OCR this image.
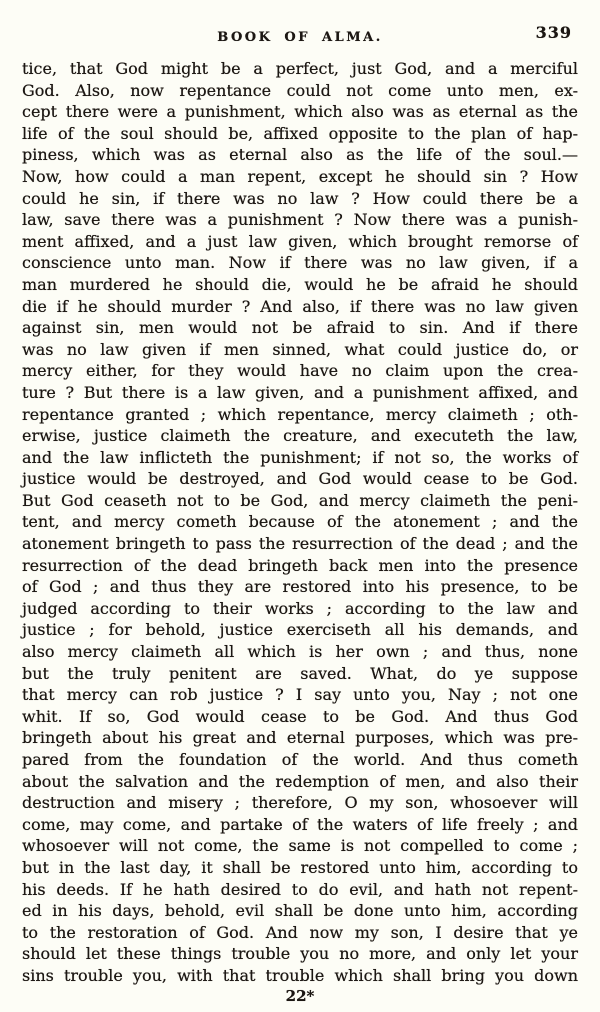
BOOK OF ALMA.	339
tice, that God might be a perfect, just God, and a merciful
God. Also, now repentance could not come unto men, ex-
cept there were a punishment, which also was as eternal as the
life of the soul should be, affixed opposite to the plan of hap-
piness, which was as eternal also as the life of the soul.—
Now, how could a man repent, except he should sin ? How
could he sin, if there was no law ? How could there be a
law, save there was a punishment ? Now there was a punish-
ment affixed, and a just law given, which brought remorse of
conscience unto man. Now if there was no law given, if a
man murdered he should die, would he be afraid he should
die if he should murder ? And also, if there was no law given
against sin, men would not be afraid to sin. And if there
was no law given if men sinned, what could justice do, or
mercy either, for they would have no claim upon the crea-
ture ? But there is a law given, and a punishment affixed, and
repentance granted ; which repentance, mercy claimeth ; oth-
erwise, justice claimeth the creature, and executeth the law,
and the law inflicteth the punishment; if not so, the works of
justice would be destroyed, and God would cease to be God.
But God ceaseth not to be God, and mercy claimeth the peni-
tent, and mercy cometh because of the atonement ; and the
atonement bringeth to pass the resurrection of the dead ; and the
resurrection of the dead bringeth back men into the presence
of God ; and thus they are restored into his presence, to be
judged according to their works ; according to the law and
justice ; for behold, justice exerciseth all his demands, and
also mercy claimeth all which is her own ; and thus, none
but the truly penitent are saved. What, do ye suppose
that mercy can rob justice ? I say unto you, Nay ; not one
whit. If so, God would cease to be God. And thus God
bringeth about his great and eternal purposes, which was pre-
pared from the foundation of the world. And thus cometh
about the salvation and the redemption of men, and also their
destruction and misery ; therefore, O my son, whosoever will
come, may come, and partake of the waters of life freely ; and
whosoever will not come, the same is not compelled to come ;
but in the last day, it shall be restored unto him, according to
his deeds. If he hath desired to do evil, and hath not repent-
ed in his days, behold, evil shall be done unto him, according
to the restoration of God. And now my son, I desire that ye
should let these things trouble you no more, and only let your
sins trouble you, with that trouble which shall bring you down
22*
